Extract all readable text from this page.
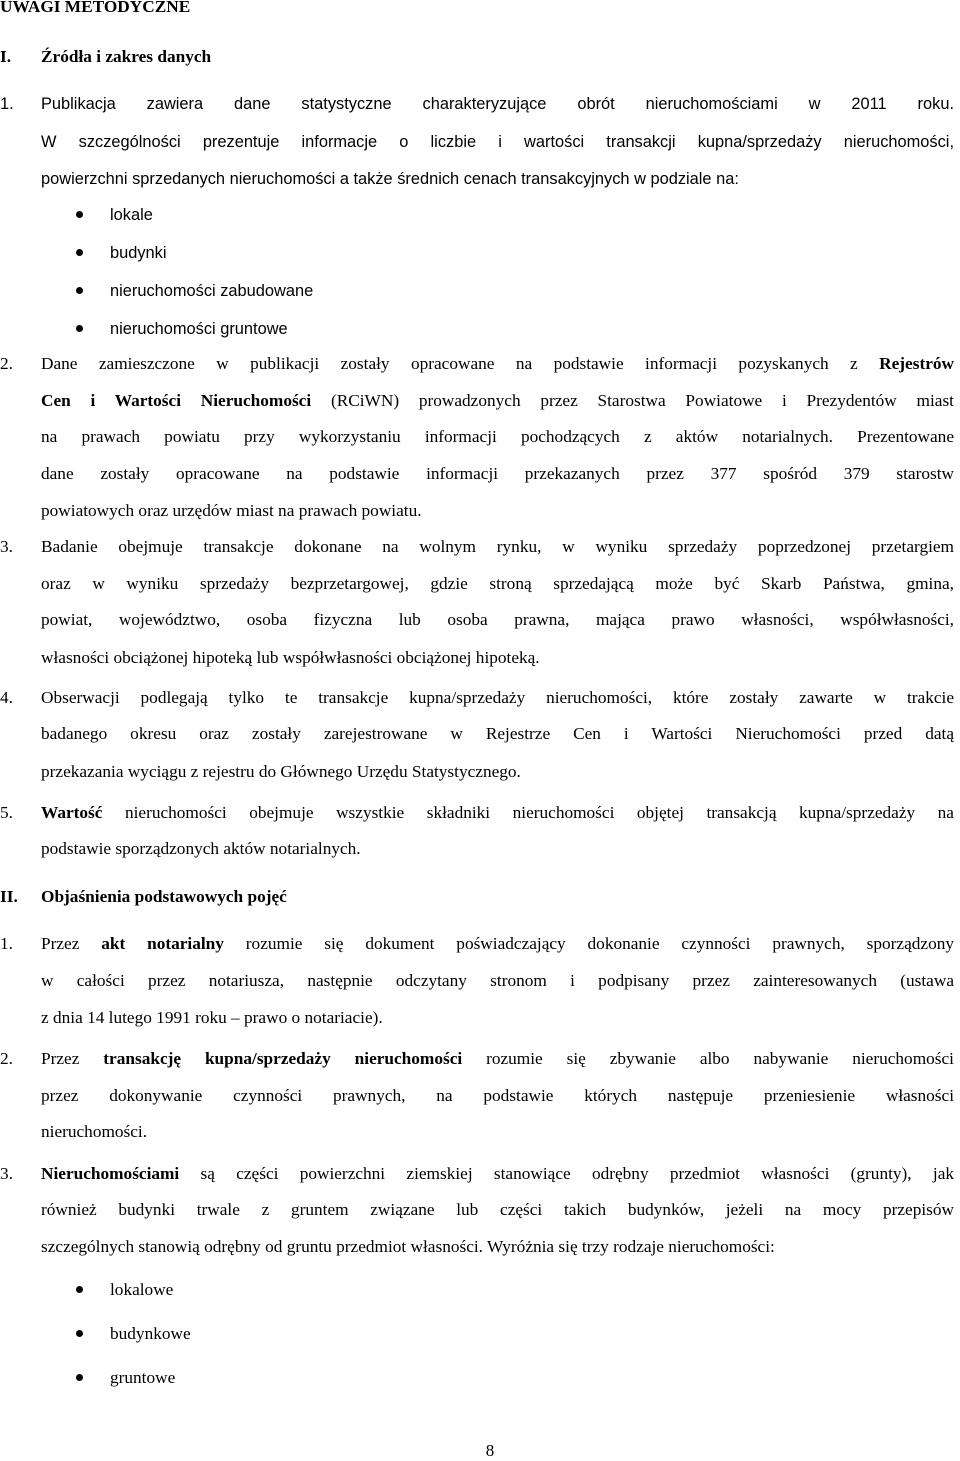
UWAGI METODYCZNE
I. Źródła i zakres danych
1. Publikacja zawiera dane statystyczne charakteryzujące obrót nieruchomościami w 2011 roku.
W szczególności prezentuje informacje o liczbie i wartości transakcji kupna/sprzedaży nieruchomości,
powierzchni sprzedanych nieruchomości a także średnich cenach transakcyjnych w podziale na:
lokale
budynki
nieruchomości zabudowane
nieruchomości gruntowe
2. Dane zamieszczone w publikacji zostały opracowane na podstawie informacji pozyskanych z Rejestrów
Cen i Wartości Nieruchomości (RCiWN) prowadzonych przez Starostwa Powiatowe i Prezydentów miast
na prawach powiatu przy wykorzystaniu informacji pochodzących z aktów notarialnych. Prezentowane
dane zostały opracowane na podstawie informacji przekazanych przez 377 spośród 379 starostw
powiatowych oraz urzędów miast na prawach powiatu.
3. Badanie obejmuje transakcje dokonane na wolnym rynku, w wyniku sprzedaży poprzedzonej przetargiem
oraz w wyniku sprzedaży bezprzetargowej, gdzie stroną sprzedającą może być Skarb Państwa, gmina,
powiat, województwo, osoba fizyczna lub osoba prawna, mająca prawo własności, współwłasności,
własności obciążonej hipoteką lub współwłasności obciążonej hipoteką.
4. Obserwacji podlegają tylko te transakcje kupna/sprzedaży nieruchomości, które zostały zawarte w trakcie
badanego okresu oraz zostały zarejestrowane w Rejestrze Cen i Wartości Nieruchomości przed datą
przekazania wyciągu z rejestru do Głównego Urzędu Statystycznego.
5. Wartość nieruchomości obejmuje wszystkie składniki nieruchomości objętej transakcją kupna/sprzedaży na
podstawie sporządzonych aktów notarialnych.
II. Objaśnienia podstawowych pojęć
1. Przez akt notarialny rozumie się dokument poświadczający dokonanie czynności prawnych, sporządzony
w całości przez notariusza, następnie odczytany stronom i podpisany przez zainteresowanych (ustawa
z dnia 14 lutego 1991 roku – prawo o notariacie).
2. Przez transakcję kupna/sprzedaży nieruchomości rozumie się zbywanie albo nabywanie nieruchomości
przez dokonywanie czynności prawnych, na podstawie których następuje przeniesienie własności
nieruchomości.
3. Nieruchomościami są części powierzchni ziemskiej stanowiące odrębny przedmiot własności (grunty), jak
również budynki trwale z gruntem związane lub części takich budynków, jeżeli na mocy przepisów
szczególnych stanowią odrębny od gruntu przedmiot własności. Wyróżnia się trzy rodzaje nieruchomości:
lokalowe
budynkowe
gruntowe
8
